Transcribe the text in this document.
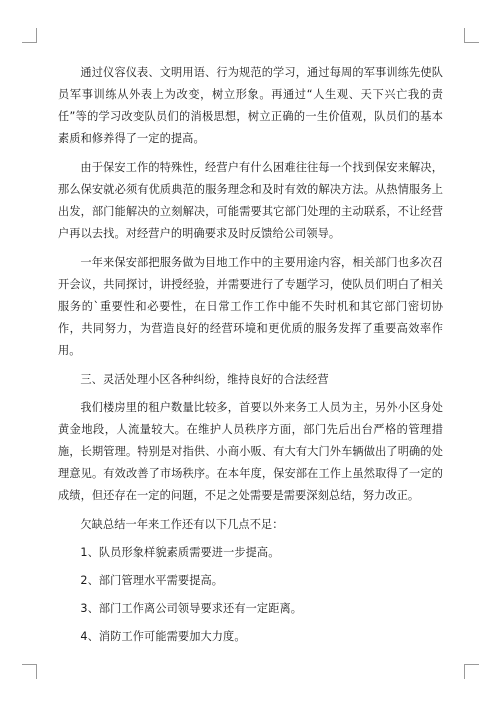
通过仪容仪表、文明用语、行为规范的学习，通过每周的军事训练先使队员军事训练从外表上为改变，树立形象。再通过“人生观、天下兴亡我的责任”等的学习改变队员们的消极思想，树立正确的一生价值观，队员们的基本素质和修养得了一定的提高。

由于保安工作的特殊性，经营户有什么困难往往每一个找到保安来解决，那么保安就必须有优质典范的服务理念和及时有效的解决方法。从热情服务上出发，部门能解决的立刻解决，可能需要其它部门处理的主动联系，不让经营户再以去找。对经营户的明确要求及时反馈给公司领导。

一年来保安部把服务做为目地工作中的主要用途内容，相关部门也多次召开会议，共同探讨，讲授经验，并需要进行了专题学习，使队员们明白了相关服务的`重要性和必要性，在日常工作工作中能不失时机和其它部门密切协作，共同努力，为营造良好的经营环境和更优质的服务发挥了重要高效率作用。

三、灵活处理小区各种纠纷，维持良好的合法经营

我们楼房里的租户数量比较多，首要以外来务工人员为主，另外小区身处黄金地段，人流量较大。在维护人员秩序方面，部门先后出台严格的管理措施，长期管理。特别是对指供、小商小贩、有大有大门外车辆做出了明确的处理意见。有效改善了市场秩序。在本年度，保安部在工作上虽然取得了一定的成绩，但还存在一定的问题，不足之处需要是需要深刻总结，努力改正。

欠缺总结一年来工作还有以下几点不足：

1、队员形象样貌素质需要进一步提高。

2、部门管理水平需要提高。

3、部门工作离公司领导要求还有一定距离。

4、消防工作可能需要加大力度。
